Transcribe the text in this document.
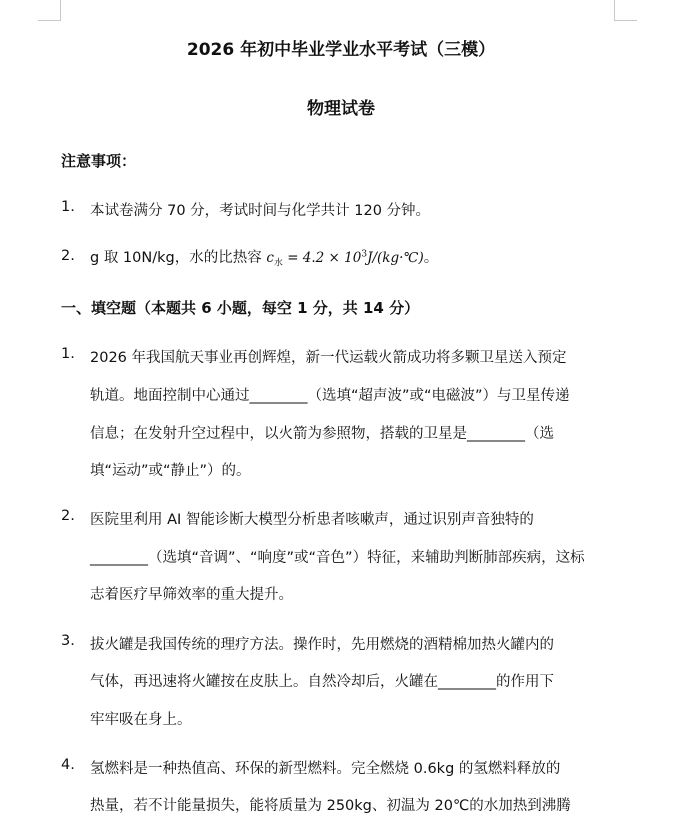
2026 年初中毕业学业水平考试（三模）
物理试卷
注意事项：
1. 本试卷满分 70 分，考试时间与化学共计 120 分钟。
2. g 取 10N/kg，水的比热容 $c_水 = 4.2$ × $10^3J/(kg\cdot℃)$。
一、填空题（本题共 6 小题，每空 1 分，共 14 分）
1. 2026 年我国航天事业再创辉煌，新一代运载火箭成功将多颗卫星送入预定
轨道。地面控制中心通过________（选填“超声波”或“电磁波”）与卫星传递
信息；在发射升空过程中，以火箭为参照物，搭载的卫星是________（选
填“运动”或“静止”）的。
2. 医院里利用 AI 智能诊断大模型分析患者咳嗽声，通过识别声音独特的
________（选填“音调”、“响度”或“音色”）特征，来辅助判断肺部疾病，这标
志着医疗早筛效率的重大提升。
3. 拔火罐是我国传统的理疗方法。操作时，先用燃烧的酒精棉加热火罐内的
气体，再迅速将火罐按在皮肤上。自然冷却后，火罐在________的作用下
牢牢吸在身上。
4. 氢燃料是一种热值高、环保的新型燃料。完全燃烧 0.6kg 的氢燃料释放的
热量，若不计能量损失，能将质量为 250kg、初温为 20℃的水加热到沸腾
